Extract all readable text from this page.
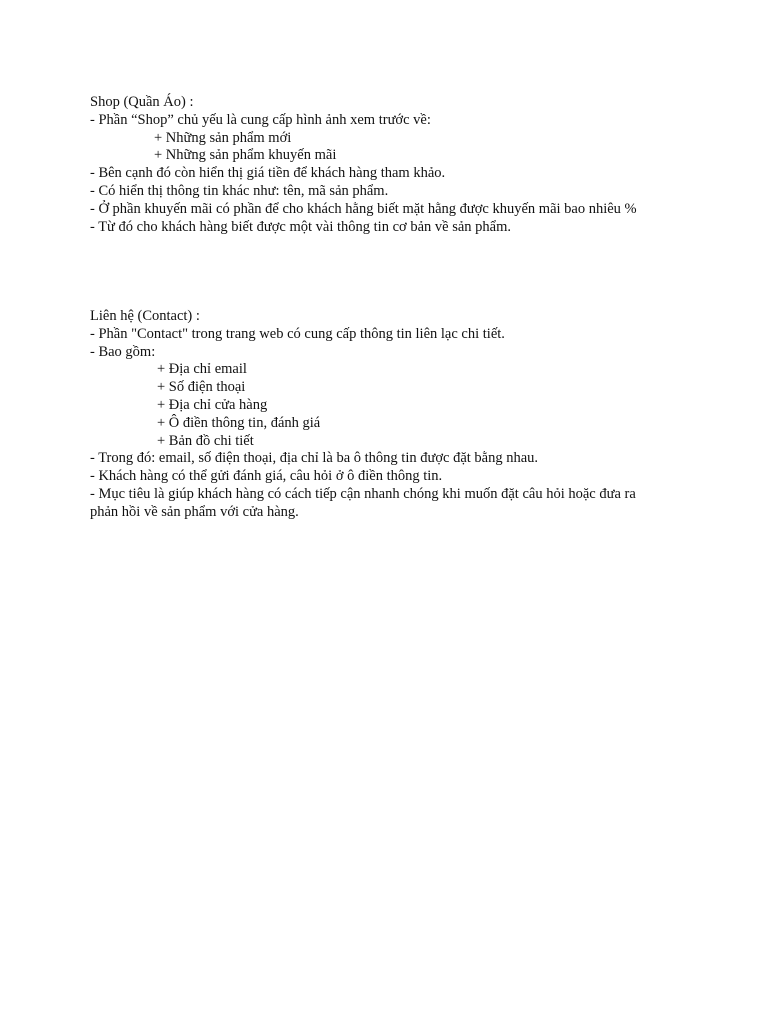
Shop (Quần Áo) :

- Phần “Shop” chủ yếu là cung cấp hình ảnh xem trước về:

+ Những sản phẩm mới

+ Những sản phẩm khuyến mãi

- Bên cạnh đó còn hiển thị giá tiền để khách hàng tham khảo.

- Có hiển thị thông tin khác như: tên, mã sản phẩm.

- Ở phần khuyến mãi có phần để cho khách hằng biết mặt hằng được khuyến mãi bao nhiêu %

- Từ đó cho khách hàng biết được một vài thông tin cơ bản về sản phẩm.

Liên hệ (Contact) :

- Phần "Contact" trong trang web có cung cấp thông tin liên lạc chi tiết.

- Bao gồm:

+ Địa chỉ email

+ Số điện thoại

+ Địa chỉ cửa hàng

+ Ô điền thông tin, đánh giá

+ Bản đồ chi tiết

- Trong đó: email, số điện thoại, địa chỉ là ba ô thông tin được đặt bằng nhau.

- Khách hàng có thể gửi đánh giá, câu hỏi ở ô điền thông tin.

- Mục tiêu là giúp khách hàng có cách tiếp cận nhanh chóng khi muốn đặt câu hỏi hoặc đưa ra phản hồi về sản phẩm với cửa hàng.
